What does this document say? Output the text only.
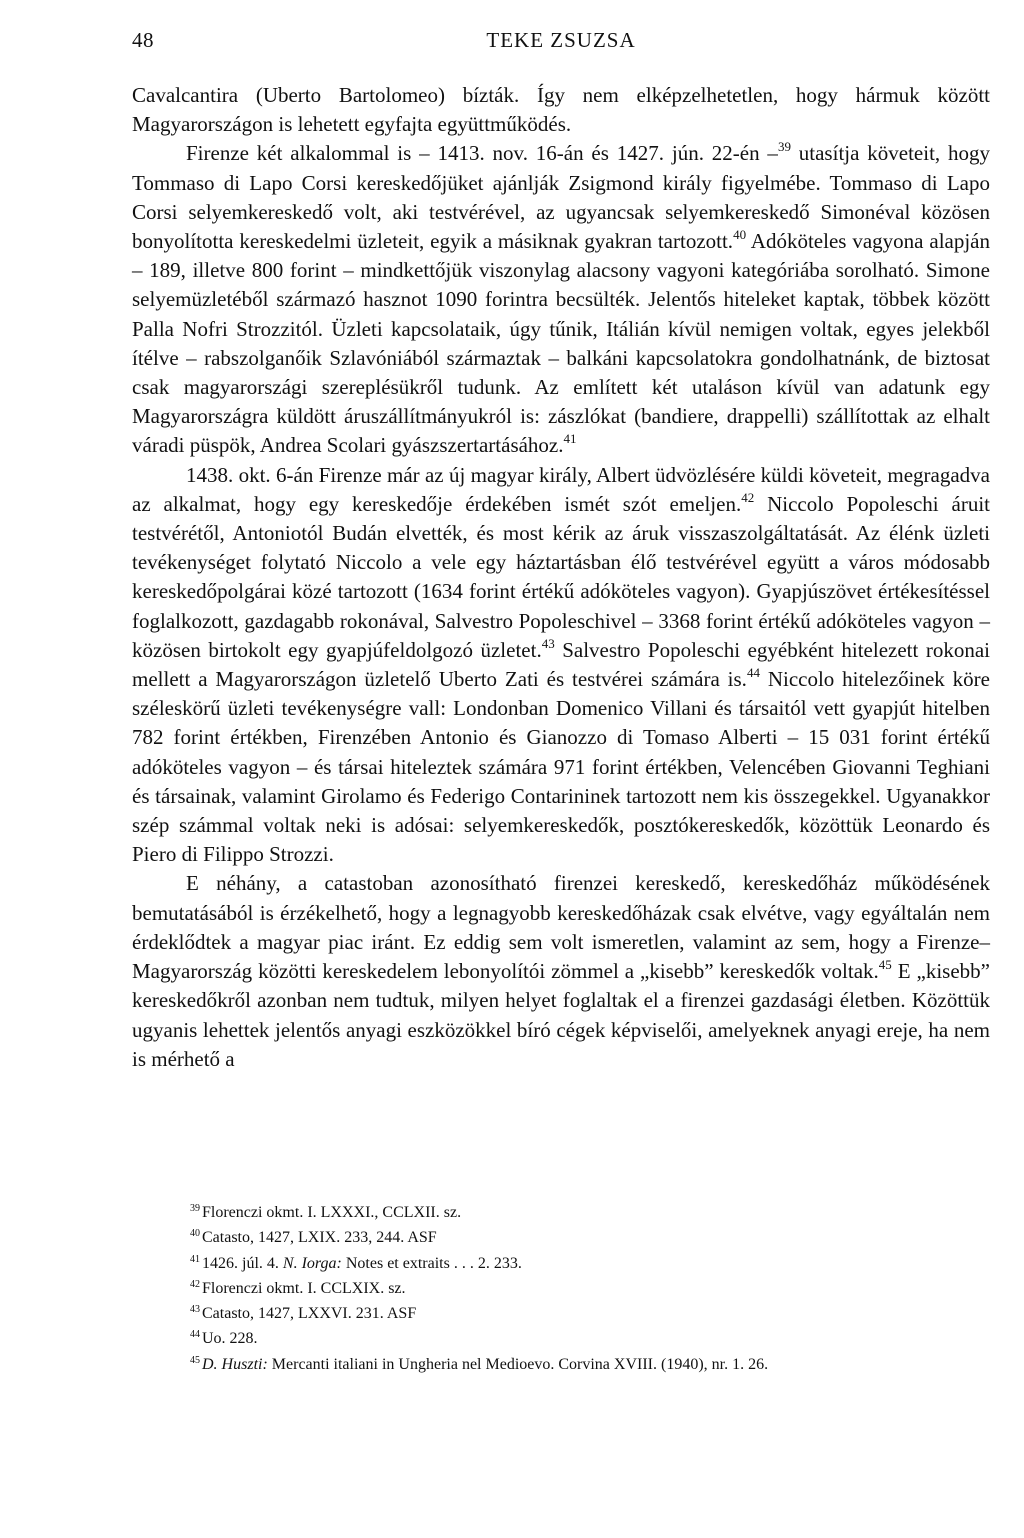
48	TEKE ZSUZSA

Cavalcantira (Uberto Bartolomeo) bízták. Így nem elképzelhetetlen, hogy hármuk között Magyarországon is lehetett egyfajta együttműködés.

Firenze két alkalommal is – 1413. nov. 16-án és 1427. jún. 22-én –$^{39}$ utasítja követeit, hogy Tommaso di Lapo Corsi kereskedőjüket ajánlják Zsigmond király figyelmébe. Tommaso di Lapo Corsi selyemkereskedő volt, aki testvérével, az ugyancsak selyemkereskedő Simonéval közösen bonyolította kereskedelmi üzleteit, egyik a másiknak gyakran tartozott.$^{40}$ Adóköteles vagyona alapján – 189, illetve 800 forint – mindkettőjük viszonylag alacsony vagyoni kategóriába sorolható. Simone selyemüzletéből származó hasznot 1090 forintra becsülték. Jelentős hiteleket kaptak, többek között Palla Nofri Strozzitól. Üzleti kapcsolataik, úgy tűnik, Itálián kívül nemigen voltak, egyes jelekből ítélve – rabszolganőik Szlavóniából származtak – balkáni kapcsolatokra gondolhatnánk, de biztosat csak magyarországi szereplésükről tudunk. Az említett két utaláson kívül van adatunk egy Magyarországra küldött áruszállítmányukról is: zászlókat (bandiere, drappelli) szállítottak az elhalt váradi püspök, Andrea Scolari gyászszertartásához.$^{41}$

1438. okt. 6-án Firenze már az új magyar király, Albert üdvözlésére küldi követeit, megragadva az alkalmat, hogy egy kereskedője érdekében ismét szót emeljen.$^{42}$ Niccolo Popoleschi áruit testvérétől, Antoniotól Budán elvették, és most kérik az áruk visszaszolgáltatását. Az élénk üzleti tevékenységet folytató Niccolo a vele egy háztartásban élő testvérével együtt a város módosabb kereskedőpolgárai közé tartozott (1634 forint értékű adóköteles vagyon). Gyapjúszövet értékesítéssel foglalkozott, gazdagabb rokonával, Salvestro Popoleschivel – 3368 forint értékű adóköteles vagyon – közösen birtokolt egy gyapjúfeldolgozó üzletet.$^{43}$ Salvestro Popoleschi egyébként hitelezett rokonai mellett a Magyarországon üzletelő Uberto Zati és testvérei számára is.$^{44}$ Niccolo hitelezőinek köre széleskörű üzleti tevékenységre vall: Londonban Domenico Villani és társaitól vett gyapjút hitelben 782 forint értékben, Firenzében Antonio és Gianozzo di Tomaso Alberti – 15 031 forint értékű adóköteles vagyon – és társai hiteleztek számára 971 forint értékben, Velencében Giovanni Teghiani és társainak, valamint Girolamo és Federigo Contarininek tartozott nem kis összegekkel. Ugyanakkor szép számmal voltak neki is adósai: selyemkereskedők, posztókereskedők, közöttük Leonardo és Piero di Filippo Strozzi.

E néhány, a catastoban azonosítható firenzei kereskedő, kereskedőház működésének bemutatásából is érzékelhető, hogy a legnagyobb kereskedőházak csak elvétve, vagy egyáltalán nem érdeklődtek a magyar piac iránt. Ez eddig sem volt ismeretlen, valamint az sem, hogy a Firenze–Magyarország közötti kereskedelem lebonyolítói zömmel a „kisebb” kereskedők voltak.$^{45}$ E „kisebb” kereskedőkről azonban nem tudtuk, milyen helyet foglaltak el a firenzei gazdasági életben. Közöttük ugyanis lehettek jelentős anyagi eszközökkel bíró cégek képviselői, amelyeknek anyagi ereje, ha nem is mérhető a

$^{39}$ Florenczi okmt. I. LXXXI., CCLXII. sz.
$^{40}$ Catasto, 1427, LXIX. 233, 244. ASF
$^{41}$ 1426. júl. 4. N. Iorga: Notes et extraits . . . 2. 233.
$^{42}$ Florenczi okmt. I. CCLXIX. sz.
$^{43}$ Catasto, 1427, LXXVI. 231. ASF
$^{44}$ Uo. 228.
$^{45}$ D. Huszti: Mercanti italiani in Ungheria nel Medioevo. Corvina XVIII. (1940), nr. 1. 26.
